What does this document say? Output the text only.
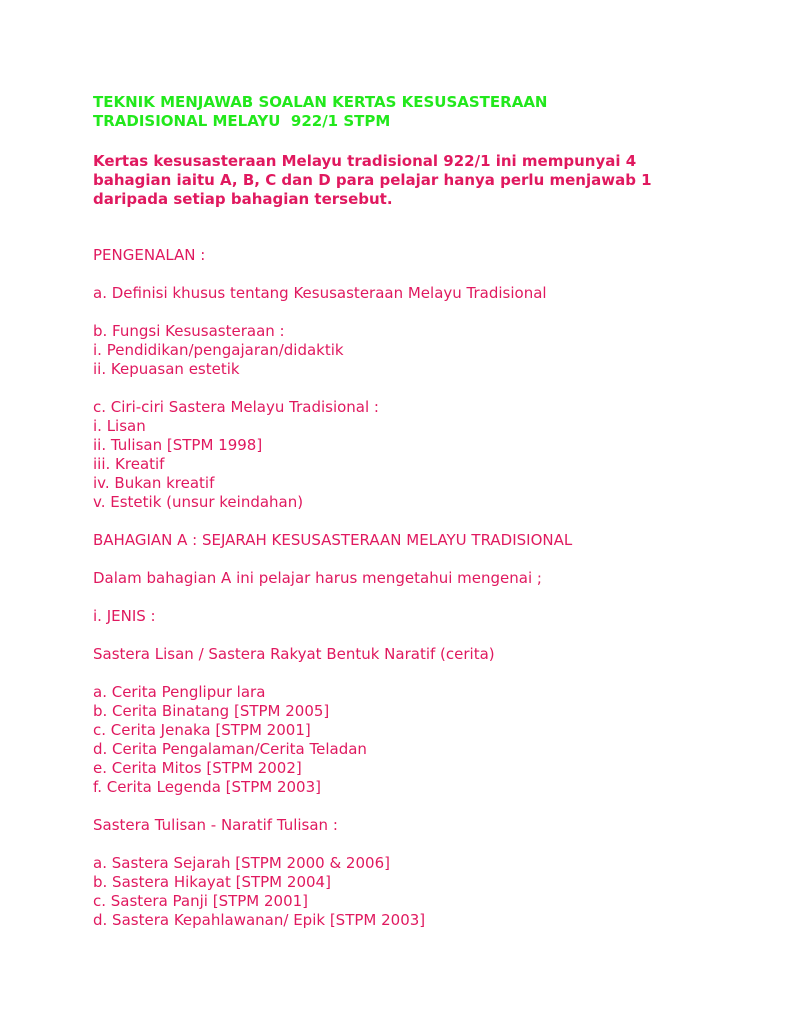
TEKNIK MENJAWAB SOALAN KERTAS KESUSASTERAAN
TRADISIONAL MELAYU  922/1 STPM
Kertas kesusasteraan Melayu tradisional 922/1 ini mempunyai 4
bahagian iaitu A, B, C dan D para pelajar hanya perlu menjawab 1
daripada setiap bahagian tersebut.

PENGENALAN :

a. Definisi khusus tentang Kesusasteraan Melayu Tradisional

b. Fungsi Kesusasteraan :
i. Pendidikan/pengajaran/didaktik
ii. Kepuasan estetik
c. Ciri-ciri Sastera Melayu Tradisional :
i. Lisan
ii. Tulisan [STPM 1998]
iii. Kreatif
iv. Bukan kreatif
v. Estetik (unsur keindahan)

BAHAGIAN A : SEJARAH KESUSASTERAAN MELAYU TRADISIONAL

Dalam bahagian A ini pelajar harus mengetahui mengenai ;

i. JENIS :

Sastera Lisan / Sastera Rakyat Bentuk Naratif (cerita)

a. Cerita Penglipur lara
b. Cerita Binatang [STPM 2005]
c. Cerita Jenaka [STPM 2001]
d. Cerita Pengalaman/Cerita Teladan
e. Cerita Mitos [STPM 2002]
f. Cerita Legenda [STPM 2003]

Sastera Tulisan - Naratif Tulisan :

a. Sastera Sejarah [STPM 2000 & 2006]
b. Sastera Hikayat [STPM 2004]
c. Sastera Panji [STPM 2001]
d. Sastera Kepahlawanan/ Epik [STPM 2003]
